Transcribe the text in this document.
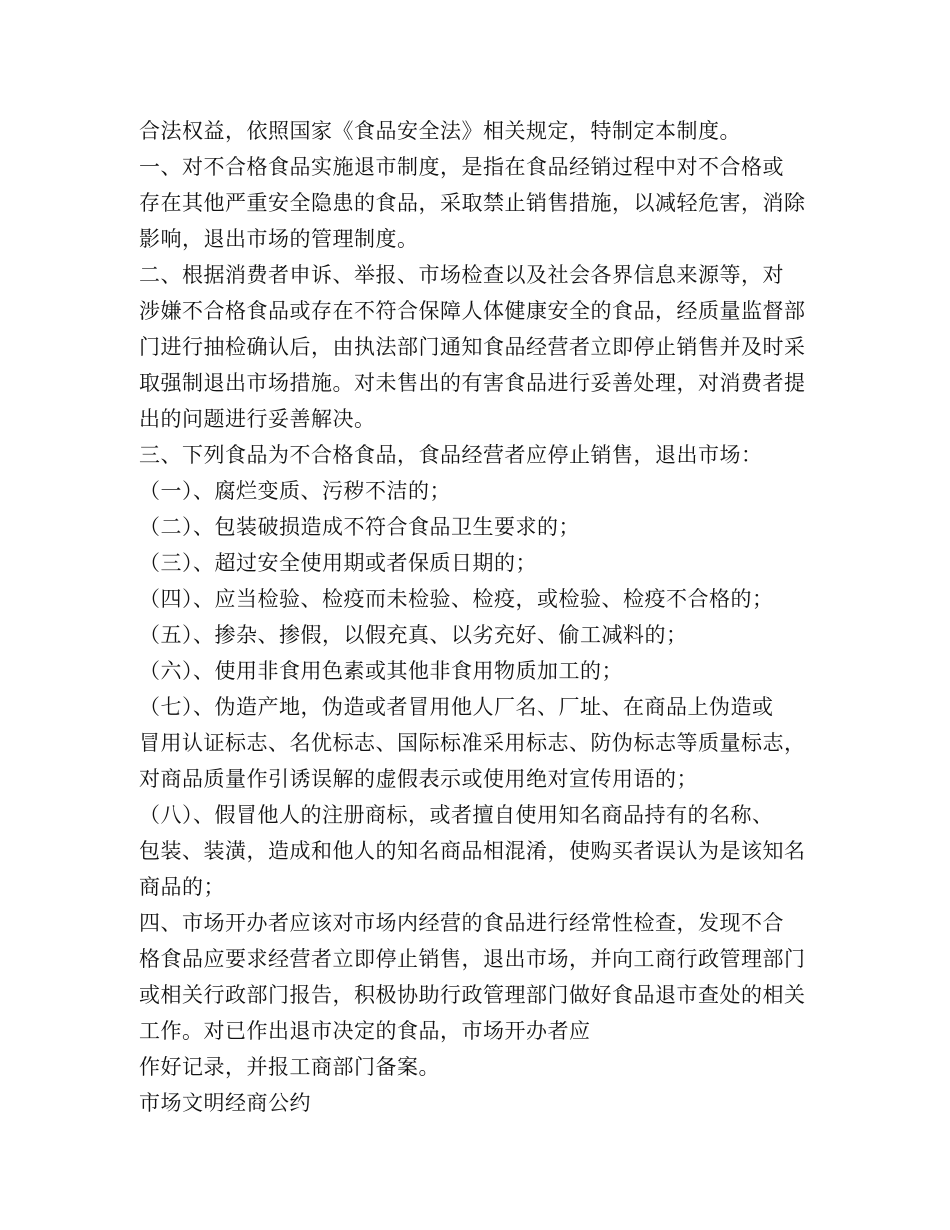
合法权益，依照国家《食品安全法》相关规定，特制定本制度。
一、对不合格食品实施退市制度，是指在食品经销过程中对不合格或
存在其他严重安全隐患的食品，采取禁止销售措施，以减轻危害，消除
影响，退出市场的管理制度。
二、根据消费者申诉、举报、市场检查以及社会各界信息来源等，对
涉嫌不合格食品或存在不符合保障人体健康安全的食品，经质量监督部
门进行抽检确认后，由执法部门通知食品经营者立即停止销售并及时采
取强制退出市场措施。对未售出的有害食品进行妥善处理，对消费者提
出的问题进行妥善解决。
三、下列食品为不合格食品，食品经营者应停止销售，退出市场：
（一）、腐烂变质、污秽不洁的；
（二）、包装破损造成不符合食品卫生要求的；
（三）、超过安全使用期或者保质日期的；
（四）、应当检验、检疫而未检验、检疫，或检验、检疫不合格的；
（五）、掺杂、掺假，以假充真、以劣充好、偷工减料的；
（六）、使用非食用色素或其他非食用物质加工的；
（七）、伪造产地，伪造或者冒用他人厂名、厂址、在商品上伪造或
冒用认证标志、名优标志、国际标准采用标志、防伪标志等质量标志，
对商品质量作引诱误解的虚假表示或使用绝对宣传用语的；
（八）、假冒他人的注册商标，或者擅自使用知名商品持有的名称、
包装、装潢，造成和他人的知名商品相混淆，使购买者误认为是该知名
商品的；
四、市场开办者应该对市场内经营的食品进行经常性检查，发现不合
格食品应要求经营者立即停止销售，退出市场，并向工商行政管理部门
或相关行政部门报告，积极协助行政管理部门做好食品退市查处的相关
工作。对已作出退市决定的食品，市场开办者应
作好记录，并报工商部门备案。
市场文明经商公约
